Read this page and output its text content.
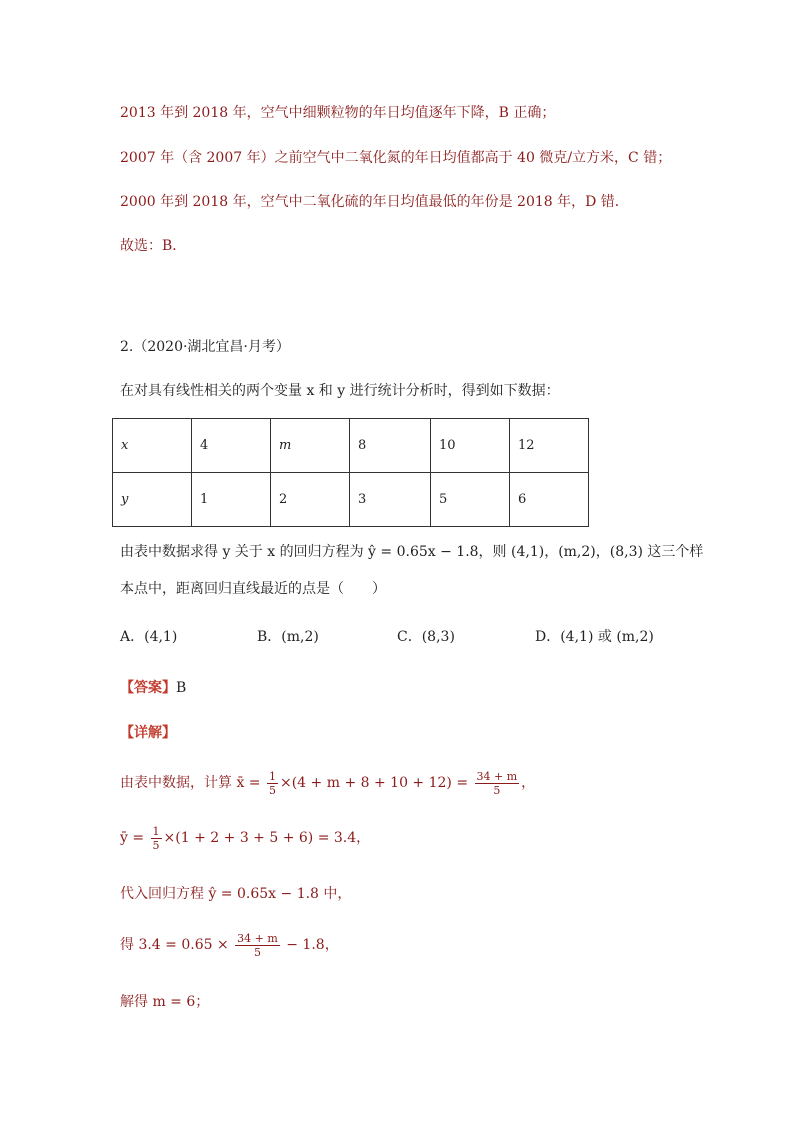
2013 年到 2018 年，空气中细颗粒物的年日均值逐年下降，B 正确；
2007 年（含 2007 年）之前空气中二氧化氮的年日均值都高于 40 微克/立方米，C 错；
2000 年到 2018 年，空气中二氧化硫的年日均值最低的年份是 2018 年，D 错．
故选：B．
2.（2020·湖北宜昌·月考）
在对具有线性相关的两个变量 x 和 y 进行统计分析时，得到如下数据：
x	4	m	8	10	12
y	1	2	3	5	6
由表中数据求得 y 关于 x 的回归方程为 ŷ = 0.65x − 1.8，则 (4,1)，(m,2)，(8,3) 这三个样
本点中，距离回归直线最近的点是（　　）
A．(4,1)	B．(m,2)	C．(8,3)	D．(4,1) 或 (m,2)
【答案】B
【详解】
由表中数据，计算 x̄ = $\frac{1}{5} \times(4 + m + 8 + 10 + 12) = \frac{34 + m}{5}$ ，
ȳ = $\frac{1}{5} \times(1 + 2 + 3 + 5 + 6) = 3.4$，
代入回归方程 ŷ = 0.65x − 1.8 中，
得 $3.4 = 0.65 \times \frac{34 + m}{5} - 1.8$，
解得 m = 6；
